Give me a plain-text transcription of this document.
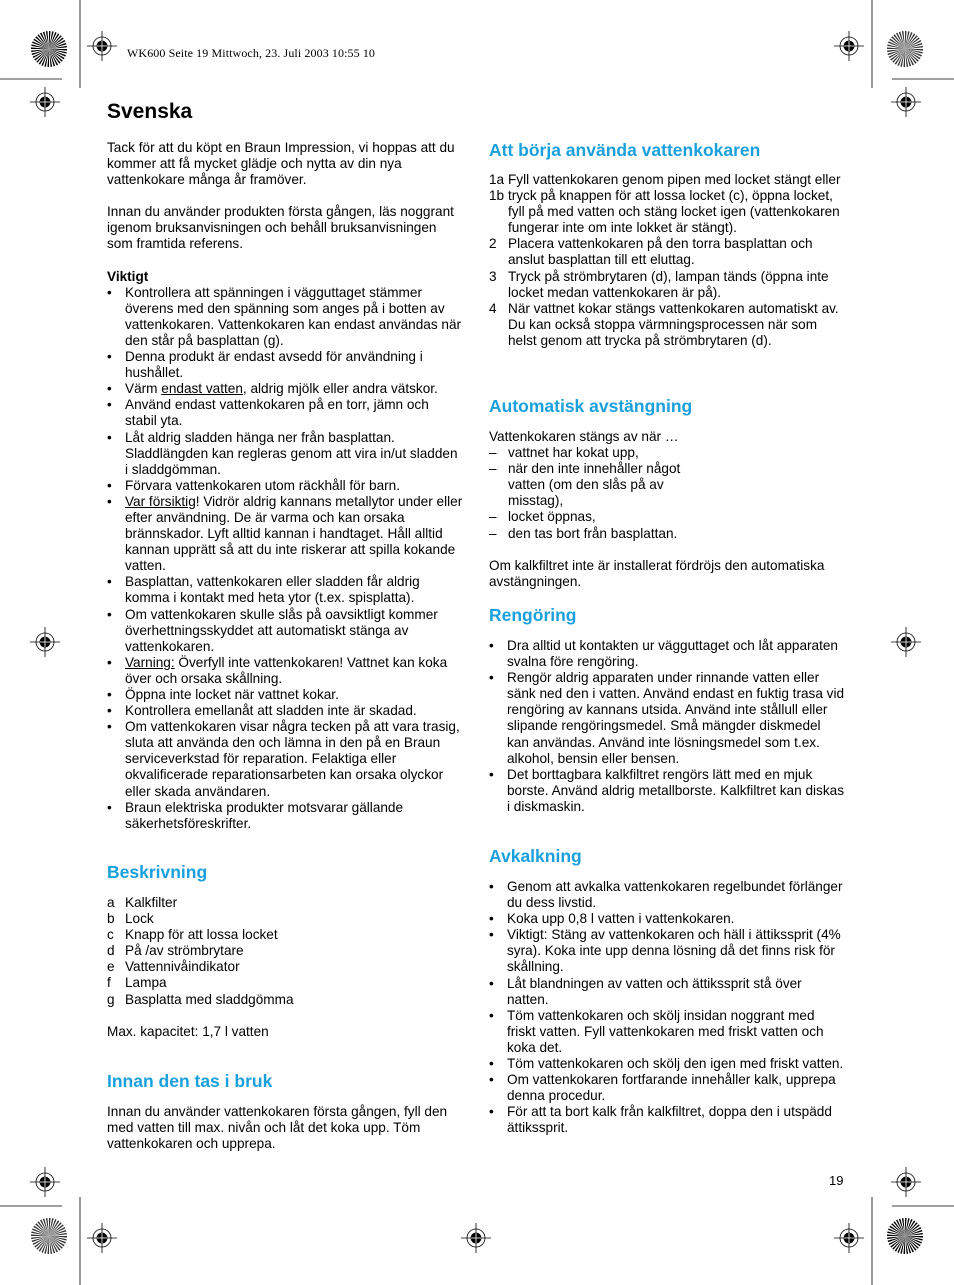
WK600 Seite 19 Mittwoch, 23. Juli 2003 10:55 10
Svenska

Tack för att du köpt en Braun Impression, vi hoppas att du kommer att få mycket glädje och nytta av din nya vattenkokare många år framöver.

Innan du använder produkten första gången, läs noggrant igenom bruksanvisningen och behåll bruksanvisningen som framtida referens.

Viktigt

• Kontrollera att spänningen i vägguttaget stämmer överens med den spänning som anges på i botten av vattenkokaren. Vattenkokaren kan endast användas när den står på basplattan (g).
• Denna produkt är endast avsedd för användning i hushållet.
• Värm endast vatten, aldrig mjölk eller andra vätskor.
• Använd endast vattenkokaren på en torr, jämn och stabil yta.
• Låt aldrig sladden hänga ner från basplattan. Sladdlängden kan regleras genom att vira in/ut sladden i sladdgömman.
• Förvara vattenkokaren utom räckhåll för barn.
• Var försiktig! Vidrör aldrig kannans metallytor under eller efter användning. De är varma och kan orsaka brännskador. Lyft alltid kannan i handtaget. Håll alltid kannan upprätt så att du inte riskerar att spilla kokande vatten.
• Basplattan, vattenkokaren eller sladden får aldrig komma i kontakt med heta ytor (t.ex. spisplatta).
• Om vattenkokaren skulle slås på oavsiktligt kommer överhettningsskyddet att automatiskt stänga av vattenkokaren.
• Varning: Överfyll inte vattenkokaren! Vattnet kan koka över och orsaka skållning.
• Öppna inte locket när vattnet kokar.
• Kontrollera emellanåt att sladden inte är skadad.
• Om vattenkokaren visar några tecken på att vara trasig, sluta att använda den och lämna in den på en Braun serviceverkstad för reparation. Felaktiga eller okvalificerade reparationsarbeten kan orsaka olyckor eller skada användaren.
• Braun elektriska produkter motsvarar gällande säkerhetsföreskrifter.
Beskrivning
a Kalkfilter
b Lock
c Knapp för att lossa locket
d På /av strömbrytare
e Vattennivåindikator
f Lampa
g Basplatta med sladdgömma

Max. kapacitet: 1,7 l vatten

Innan den tas i bruk
Innan du använder vattenkokaren första gången, fyll den med vatten till max. nivån och låt det koka upp. Töm vattenkokaren och upprepa.
Att börja använda vattenkokaren
1a Fyll vattenkokaren genom pipen med locket stängt eller
1b tryck på knappen för att lossa locket (c), öppna locket, fyll på med vatten och stäng locket igen (vattenkokaren fungerar inte om inte lokket är stängt).
2 Placera vattenkokaren på den torra basplattan och anslut basplattan till ett eluttag.
3 Tryck på strömbrytaren (d), lampan tänds (öppna inte locket medan vattenkokaren är på).
4 När vattnet kokar stängs vattenkokaren automatiskt av. Du kan också stoppa värmningsprocessen när som helst genom att trycka på strömbrytaren (d).
Automatisk avstängning

Vattenkokaren stängs av när …

– vattnet har kokat upp,
– när den inte innehåller något vatten (om den slås på av misstag),
– locket öppnas,
– den tas bort från basplattan.

Om kalkfiltret inte är installerat fördröjs den automatiska avstängningen.

Rengöring
• Dra alltid ut kontakten ur vägguttaget och låt apparaten svalna före rengöring.
• Rengör aldrig apparaten under rinnande vatten eller sänk ned den i vatten. Använd endast en fuktig trasa vid rengöring av kannans utsida. Använd inte stållull eller slipande rengöringsmedel. Små mängder diskmedel kan användas. Använd inte lösningsmedel som t.ex. alkohol, bensin eller bensen.
• Det borttagbara kalkfiltret rengörs lätt med en mjuk borste. Använd aldrig metallborste. Kalkfiltret kan diskas i diskmaskin.
Avkalkning
• Genom att avkalka vattenkokaren regelbundet förlänger du dess livstid.
• Koka upp 0,8 l vatten i vattenkokaren.
• Viktigt: Stäng av vattenkokaren och häll i ättikssprit (4% syra). Koka inte upp denna lösning då det finns risk för skållning.
• Låt blandningen av vatten och ättikssprit stå över natten.
• Töm vattenkokaren och skölj insidan noggrant med friskt vatten. Fyll vattenkokaren med friskt vatten och koka det.
• Töm vattenkokaren och skölj den igen med friskt vatten.
• Om vattenkokaren fortfarande innehåller kalk, upprepa denna procedur.
• För att ta bort kalk från kalkfiltret, doppa den i utspädd ättikssprit.
19
